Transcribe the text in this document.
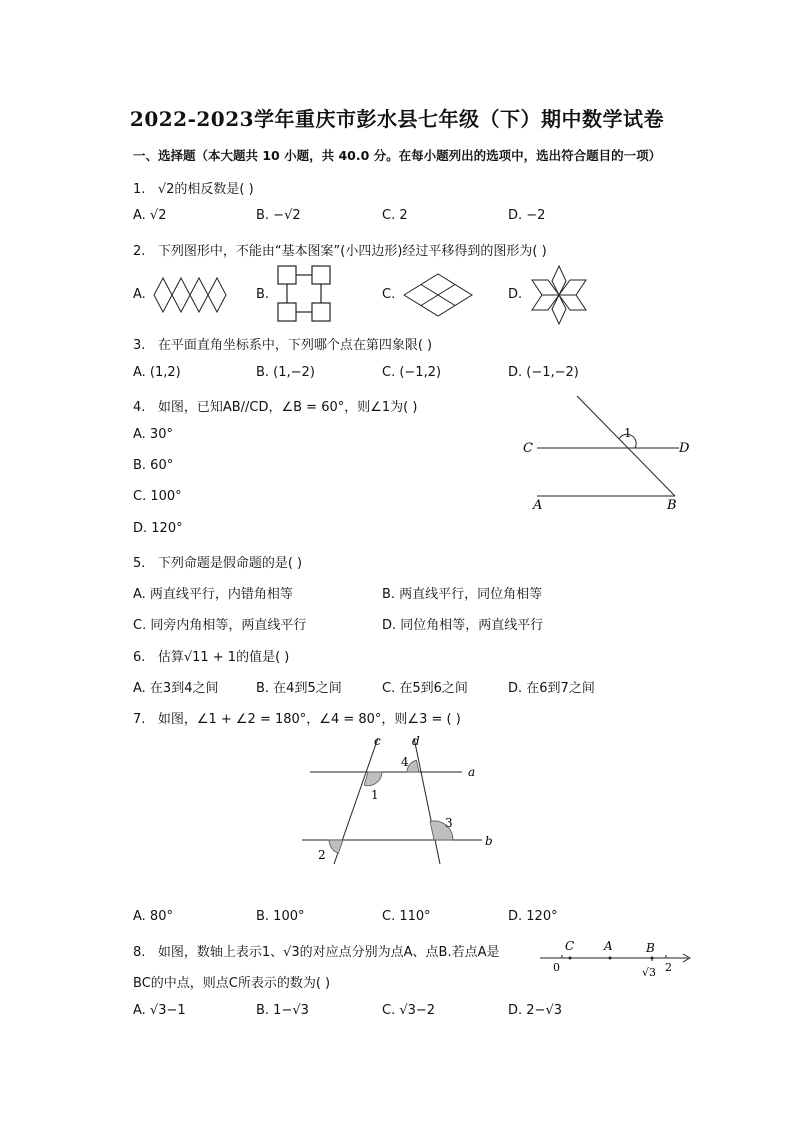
2022-2023学年重庆市彭水县七年级（下）期中数学试卷
一、选择题（本大题共 10 小题，共 40.0 分。在每小题列出的选项中，选出符合题目的一项）
1. √2的相反数是( )
A. √2	B. −√2	C. 2	D. −2
2. 下列图形中，不能由“基本图案”(小四边形)经过平移得到的图形为( )
A.	B.	C.	D.
3. 在平面直角坐标系中，下列哪个点在第四象限( )
A. (1,2)	B. (1,−2)	C. (−1,2)	D. (−1,−2)
4. 如图，已知AB//CD，∠B = 60°，则∠1为( )
A. 30°
B. 60°
C. 100°
D. 120°
C	D
A	B
1
5. 下列命题是假命题的是( )
A. 两直线平行，内错角相等	B. 两直线平行，同位角相等
C. 同旁内角相等，两直线平行	D. 同位角相等，两直线平行
6. 估算√11 + 1的值是( )
A. 在3到4之间	B. 在4到5之间	C. 在5到6之间	D. 在6到7之间
7. 如图，∠1 + ∠2 = 180°，∠4 = 80°，则∠3 = ( )
c	d
a
b
1
2
3
4
A. 80°	B. 100°	C. 110°	D. 120°
8. 如图，数轴上表示1、√3的对应点分别为点A、点B.若点A是
BC的中点，则点C所表示的数为( )
C A	B
0	√3 2
A. √3−1	B. 1−√3	C. √3−2	D. 2−√3
